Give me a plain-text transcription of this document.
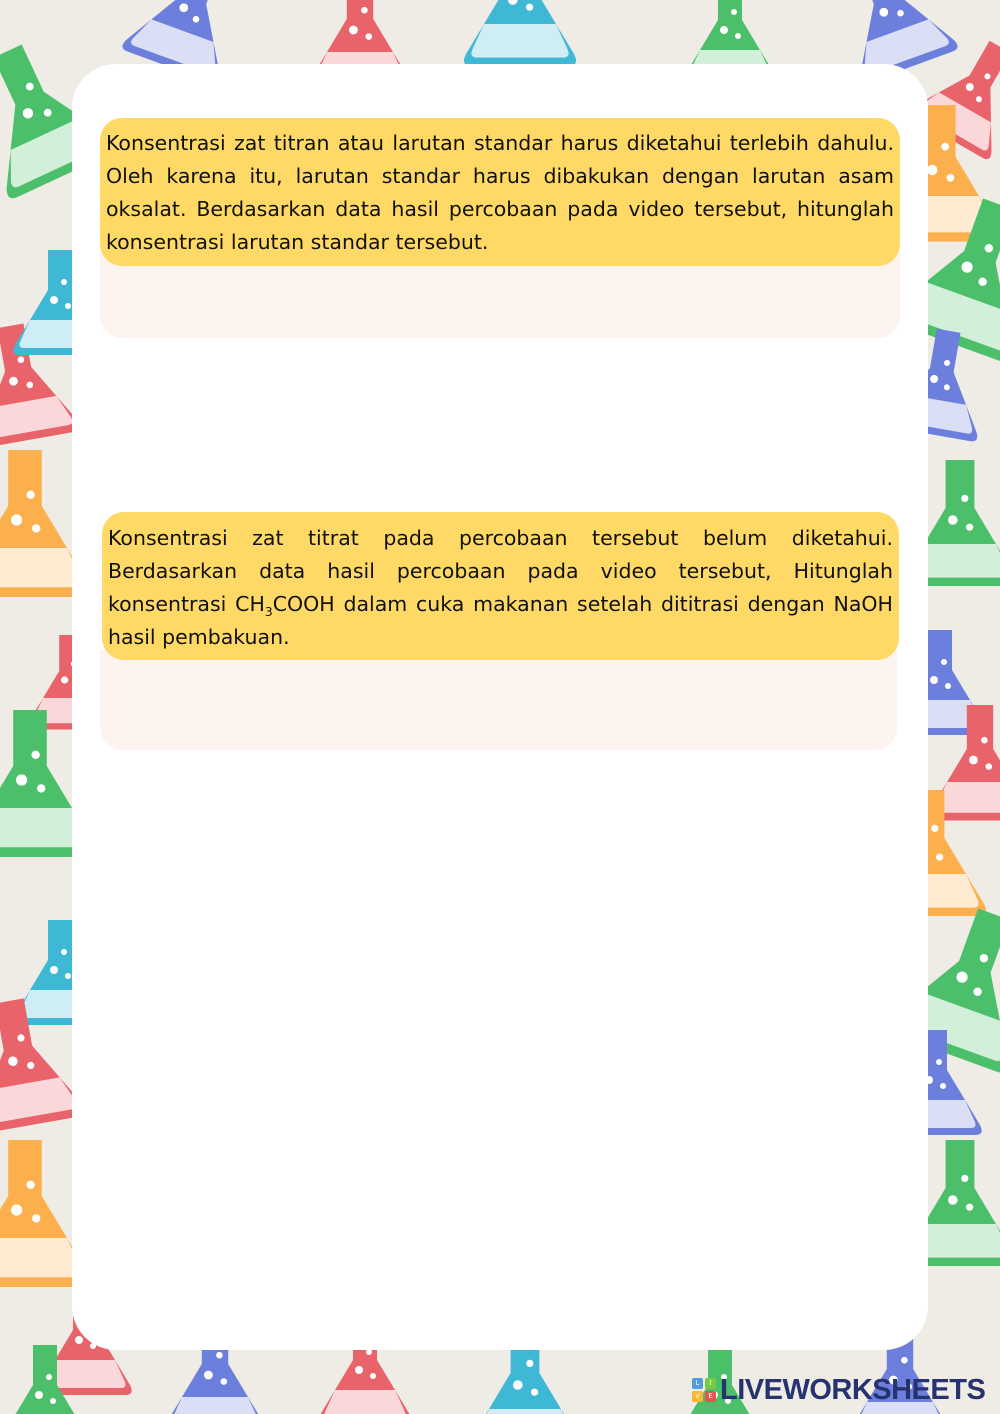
Konsentrasi zat titran atau larutan standar harus diketahui terlebih dahulu. Oleh karena itu, larutan standar harus dibakukan dengan larutan asam oksalat. Berdasarkan data hasil percobaan pada video tersebut, hitunglah konsentrasi larutan standar tersebut.
Konsentrasi zat titrat pada percobaan tersebut belum diketahui. Berdasarkan data hasil percobaan pada video tersebut, Hitunglah konsentrasi $CH_3COOH$ dalam cuka makanan setelah dititrasi dengan NaOH hasil pembakuan.
L	I
V	E LIVEWORKSHEETS
